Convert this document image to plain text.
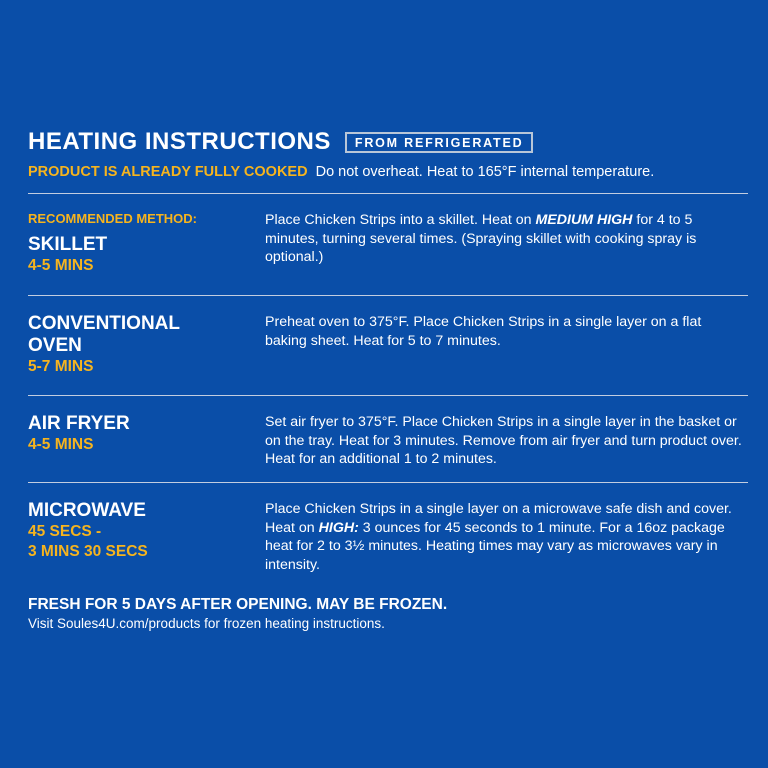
HEATING INSTRUCTIONS	FROM REFRIGERATED
PRODUCT IS ALREADY FULLY COOKED Do not overheat. Heat to 165°F internal temperature.
RECOMMENDED METHOD:
SKILLET
4-5 MINS
Place Chicken Strips into a skillet. Heat on MEDIUM HIGH for 4 to 5 minutes, turning several times. (Spraying skillet with cooking spray is optional.)
CONVENTIONAL
OVEN
5-7 MINS
Preheat oven to 375°F. Place Chicken Strips in a single layer on a flat baking sheet. Heat for 5 to 7 minutes.
AIR FRYER
4-5 MINS
Set air fryer to 375°F. Place Chicken Strips in a single layer in the basket or on the tray. Heat for 3 minutes. Remove from air fryer and turn product over. Heat for an additional 1 to 2 minutes.
MICROWAVE
45 SECS -
3 MINS 30 SECS
Place Chicken Strips in a single layer on a microwave safe dish and cover. Heat on HIGH: 3 ounces for 45 seconds to 1 minute. For a 16oz package heat for 2 to 3½ minutes. Heating times may vary as microwaves vary in intensity.
FRESH FOR 5 DAYS AFTER OPENING. MAY BE FROZEN.
Visit Soules4U.com/products for frozen heating instructions.
